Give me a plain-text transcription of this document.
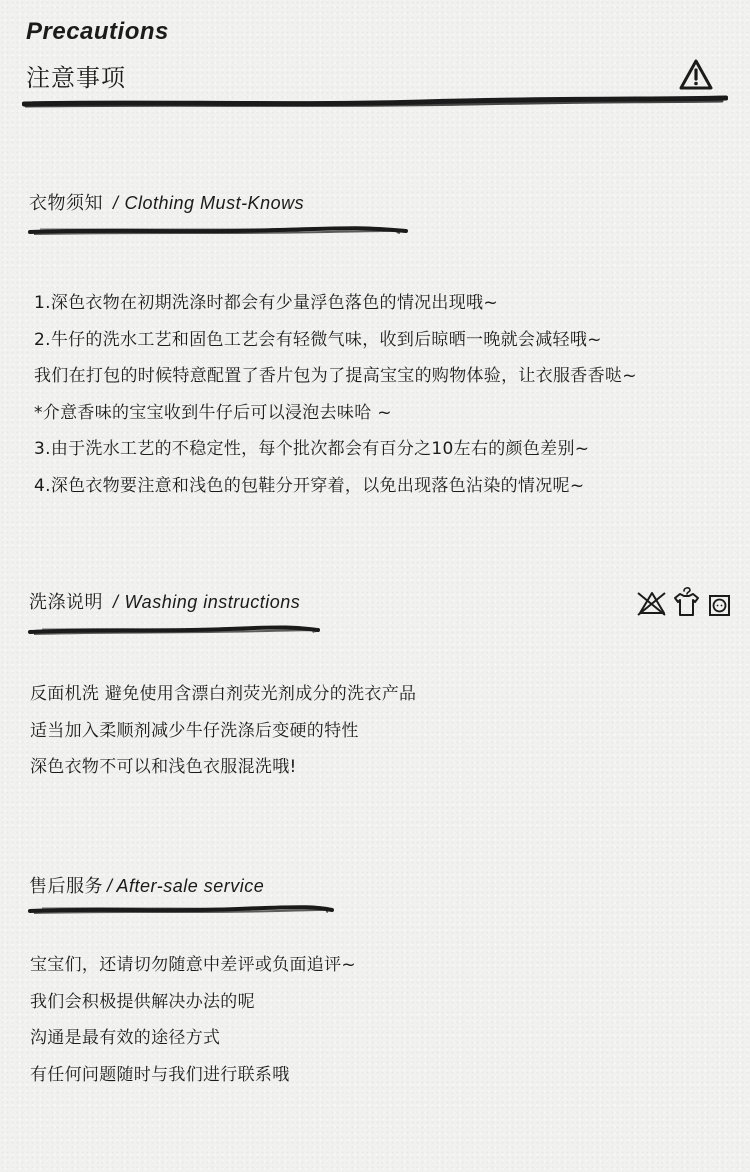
Precautions
注意事项
衣物须知 / Clothing Must-Knows
1.深色衣物在初期洗涤时都会有少量浮色落色的情况出现哦~
2.牛仔的洗水工艺和固色工艺会有轻微气味，收到后晾晒一晚就会减轻哦~
我们在打包的时候特意配置了香片包为了提高宝宝的购物体验，让衣服香香哒~
*介意香味的宝宝收到牛仔后可以浸泡去味哈 ~
3.由于洗水工艺的不稳定性，每个批次都会有百分之10左右的颜色差别~
4.深色衣物要注意和浅色的包鞋分开穿着，以免出现落色沾染的情况呢~
洗涤说明 / Washing instructions
反面机洗 避免使用含漂白剂荧光剂成分的洗衣产品
适当加入柔顺剂减少牛仔洗涤后变硬的特性
深色衣物不可以和浅色衣服混洗哦!
售后服务 / After-sale service
宝宝们，还请切勿随意中差评或负面追评~
我们会积极提供解决办法的呢
沟通是最有效的途径方式
有任何问题随时与我们进行联系哦
